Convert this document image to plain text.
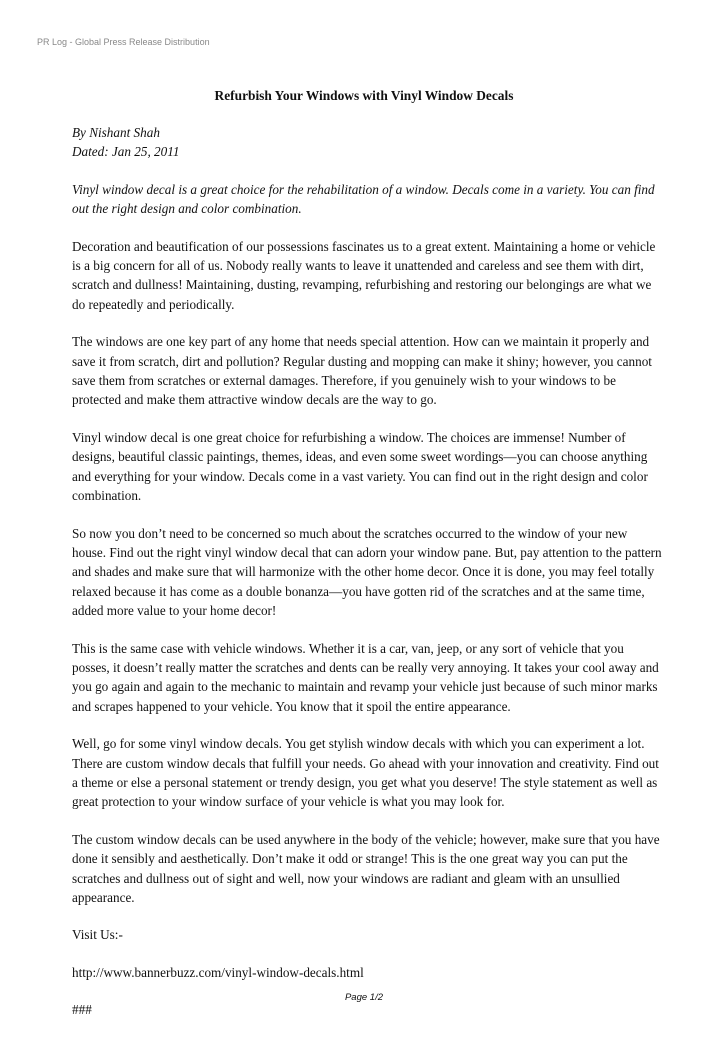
PR Log - Global Press Release Distribution
Refurbish Your Windows with Vinyl Window Decals

By Nishant Shah

Dated: Jan 25, 2011

Vinyl window decal is a great choice for the rehabilitation of a window. Decals come in a variety. You can find out the right design and color combination.

Decoration and beautification of our possessions fascinates us to a great extent. Maintaining a home or vehicle is a big concern for all of us. Nobody really wants to leave it unattended and careless and see them with dirt, scratch and dullness! Maintaining, dusting, revamping, refurbishing and restoring our belongings are what we do repeatedly and periodically.

The windows are one key part of any home that needs special attention. How can we maintain it properly and save it from scratch, dirt and pollution? Regular dusting and mopping can make it shiny; however, you cannot save them from scratches or external damages. Therefore, if you genuinely wish to your windows to be protected and make them attractive window decals are the way to go.

Vinyl window decal is one great choice for refurbishing a window. The choices are immense! Number of designs, beautiful classic paintings, themes, ideas, and even some sweet wordings—you can choose anything and everything for your window. Decals come in a vast variety. You can find out in the right design and color combination.

So now you don’t need to be concerned so much about the scratches occurred to the window of your new house. Find out the right vinyl window decal that can adorn your window pane. But, pay attention to the pattern and shades and make sure that will harmonize with the other home decor. Once it is done, you may feel totally relaxed because it has come as a double bonanza—you have gotten rid of the scratches and at the same time, added more value to your home decor!

This is the same case with vehicle windows. Whether it is a car, van, jeep, or any sort of vehicle that you posses, it doesn’t really matter the scratches and dents can be really very annoying. It takes your cool away and you go again and again to the mechanic to maintain and revamp your vehicle just because of such minor marks and scrapes happened to your vehicle. You know that it spoil the entire appearance.

Well, go for some vinyl window decals. You get stylish window decals with which you can experiment a lot. There are custom window decals that fulfill your needs. Go ahead with your innovation and creativity. Find out a theme or else a personal statement or trendy design, you get what you deserve! The style statement as well as great protection to your window surface of your vehicle is what you may look for.

The custom window decals can be used anywhere in the body of the vehicle; however, make sure that you have done it sensibly and aesthetically. Don’t make it odd or strange! This is the one great way you can put the scratches and dullness out of sight and well, now your windows are radiant and gleam with an unsullied appearance.

Visit Us:-

http://www.bannerbuzz.com/vinyl-window-decals.html

###

Page 1/2
